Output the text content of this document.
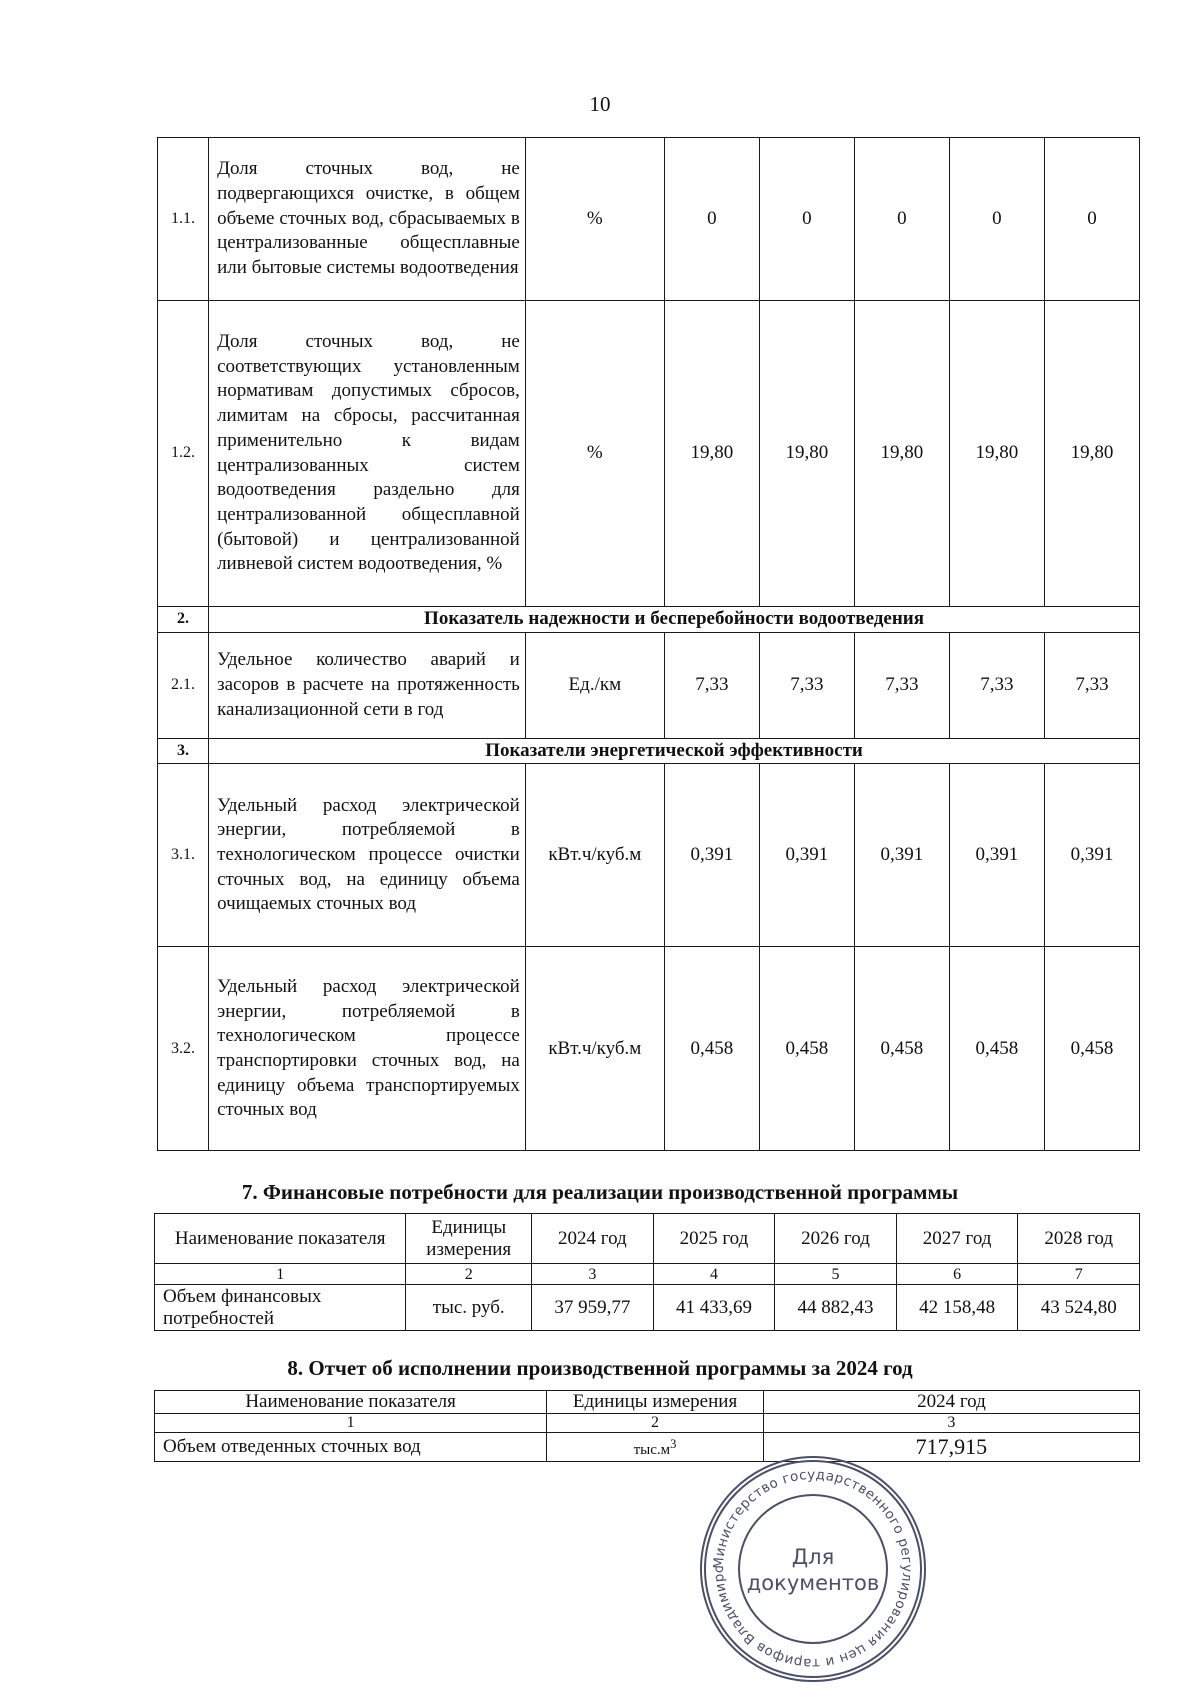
10
1.1.	Доля сточных вод, не подвергающихся очистке, в общем объеме сточных вод, сбрасываемых в централизованные общесплавные или бытовые системы водоотведения	%	0	0	0	0	0
1.2.	Доля сточных вод, не соответствующих установленным нормативам допустимых сбросов, лимитам на сбросы, рассчитанная применительно к видам централизованных систем водоотведения раздельно для централизованной общесплавной (бытовой) и централизованной ливневой систем водоотведения, %	%	19,80	19,80	19,80	19,80	19,80
2.	Показатель надежности и бесперебойности водоотведения						
2.1.	Удельное количество аварий и засоров в расчете на протяженность канализационной сети в год	Ед./км	7,33	7,33	7,33	7,33	7,33
3.	Показатели энергетической эффективности						
3.1.	Удельный расход электрической энергии, потребляемой в технологическом процессе очистки сточных вод, на единицу объема очищаемых сточных вод	кВт.ч/куб.м	0,391	0,391	0,391	0,391	0,391
3.2.	Удельный расход электрической энергии, потребляемой в технологическом процессе транспортировки сточных вод, на единицу объема транспортируемых сточных вод	кВт.ч/куб.м	0,458	0,458	0,458	0,458	0,458
7. Финансовые потребности для реализации производственной программы
Наименование показателя	Единицы измерения	2024 год	2025 год	2026 год	2027 год	2028 год
1	2	3	4	5	6	7
Объем финансовых потребностей	тыс. руб.	37 959,77	41 433,69	44 882,43	42 158,48	43 524,80
8. Отчет об исполнении производственной программы за 2024 год
Наименование показателя	Единицы измерения	2024 год
1	2	3
Объем отведенных сточных вод	$тыс.м^3$	717,915
Министерство государственного регулирования цен и тарифов Владимирс
Для
документов
